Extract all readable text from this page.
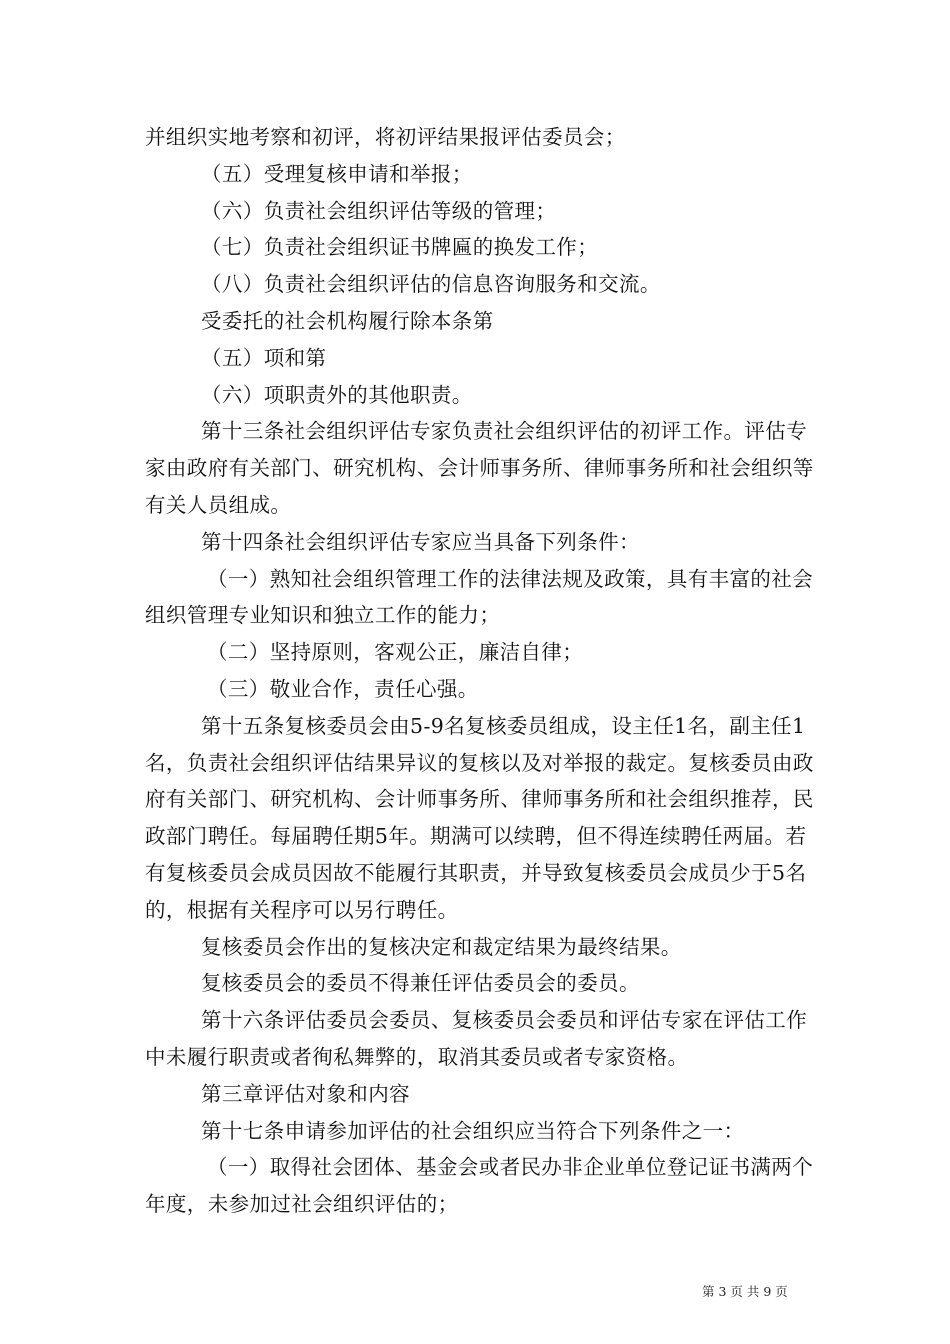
并组织实地考察和初评，将初评结果报评估委员会；

（五）受理复核申请和举报；

（六）负责社会组织评估等级的管理；

（七）负责社会组织证书牌匾的换发工作；

（八）负责社会组织评估的信息咨询服务和交流。

受委托的社会机构履行除本条第

（五）项和第

（六）项职责外的其他职责。

第十三条社会组织评估专家负责社会组织评估的初评工作。评估专家由政府有关部门、研究机构、会计师事务所、律师事务所和社会组织等有关人员组成。

第十四条社会组织评估专家应当具备下列条件：

（一）熟知社会组织管理工作的法律法规及政策，具有丰富的社会组织管理专业知识和独立工作的能力；

（二）坚持原则，客观公正，廉洁自律；

（三）敬业合作，责任心强。

第十五条复核委员会由5-9名复核委员组成，设主任1名，副主任1名，负责社会组织评估结果异议的复核以及对举报的裁定。复核委员由政府有关部门、研究机构、会计师事务所、律师事务所和社会组织推荐，民政部门聘任。每届聘任期5年。期满可以续聘，但不得连续聘任两届。若有复核委员会成员因故不能履行其职责，并导致复核委员会成员少于5名的，根据有关程序可以另行聘任。

复核委员会作出的复核决定和裁定结果为最终结果。

复核委员会的委员不得兼任评估委员会的委员。

第十六条评估委员会委员、复核委员会委员和评估专家在评估工作中未履行职责或者徇私舞弊的，取消其委员或者专家资格。

第三章评估对象和内容

第十七条申请参加评估的社会组织应当符合下列条件之一：

（一）取得社会团体、基金会或者民办非企业单位登记证书满两个年度，未参加过社会组织评估的；

第 3 页 共 9 页
